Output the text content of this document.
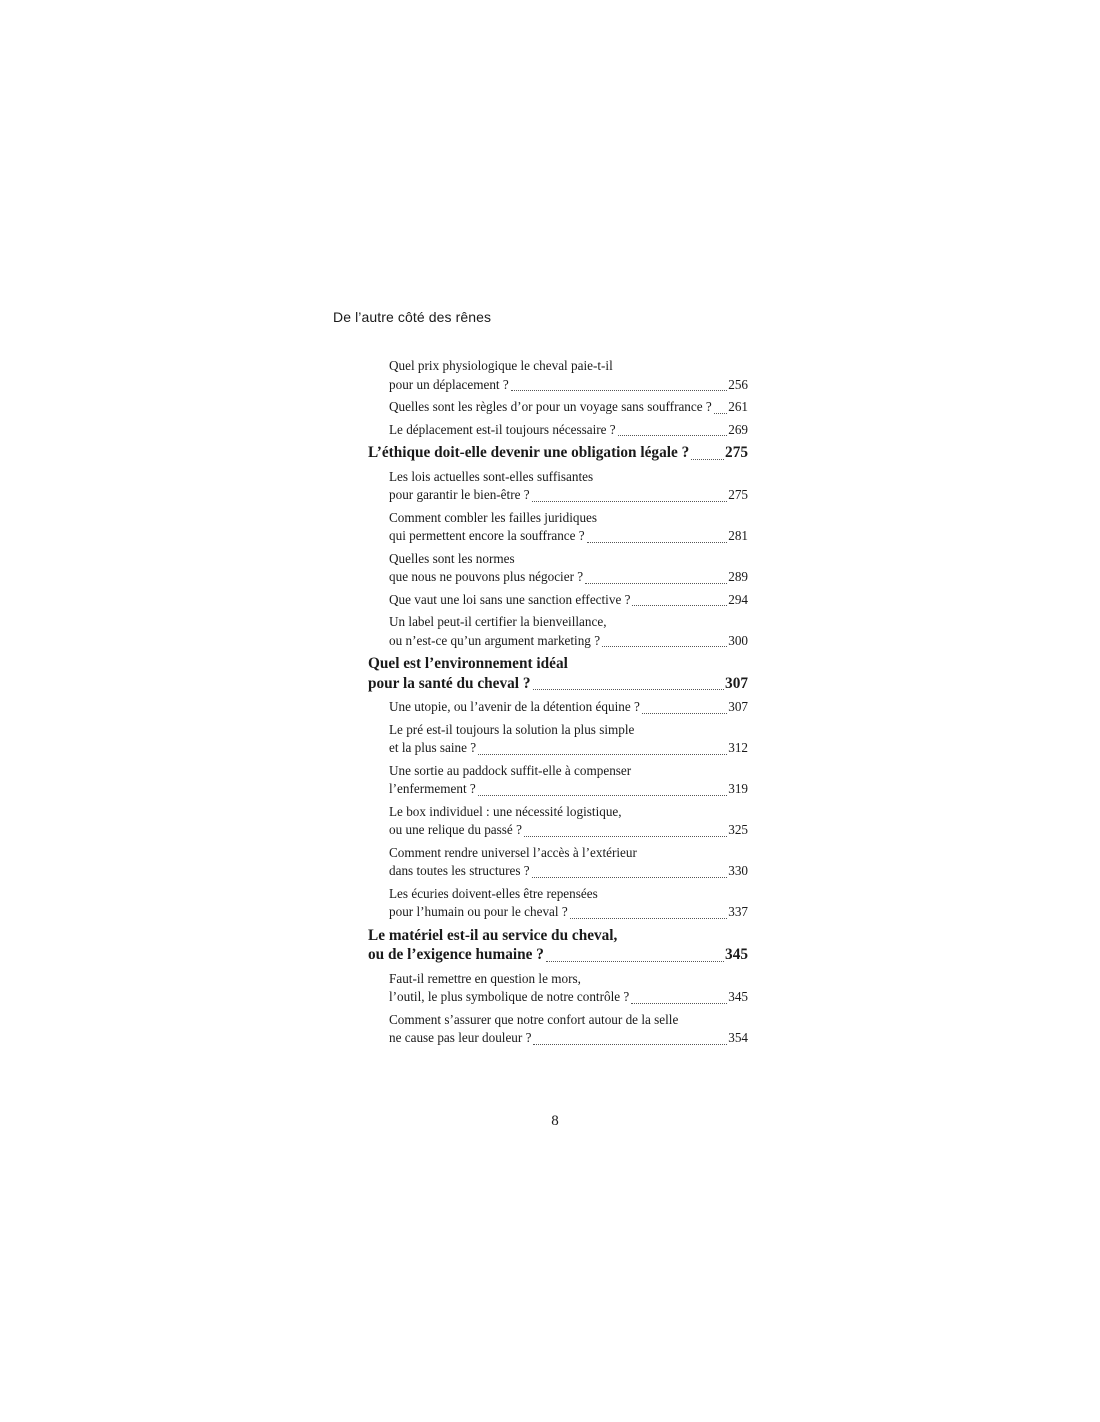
De l’autre côté des rênes
Quel prix physiologique le cheval paie-t-il
pour un déplacement ?	256
Quelles sont les règles d’or pour un voyage sans souffrance ? 261
Le déplacement est-il toujours nécessaire ?	269
L’éthique doit-elle devenir une obligation légale ? 275
Les lois actuelles sont-elles suffisantes
pour garantir le bien-être ?	275
Comment combler les failles juridiques
qui permettent encore la souffrance ?	281
Quelles sont les normes
que nous ne pouvons plus négocier ?	289
Que vaut une loi sans une sanction effective ?	294
Un label peut-il certifier la bienveillance,
ou n’est-ce qu’un argument marketing ?	300
Quel est l’environnement idéal
pour la santé du cheval ?	307
Une utopie, ou l’avenir de la détention équine ?	307
Le pré est-il toujours la solution la plus simple
et la plus saine ?	312
Une sortie au paddock suffit-elle à compenser
l’enfermement ?	319
Le box individuel : une nécessité logistique,
ou une relique du passé ?	325
Comment rendre universel l’accès à l’extérieur
dans toutes les structures ?	330
Les écuries doivent-elles être repensées
pour l’humain ou pour le cheval ?	337
Le matériel est-il au service du cheval,
ou de l’exigence humaine ?	345
Faut-il remettre en question le mors,
l’outil, le plus symbolique de notre contrôle ?	345
Comment s’assurer que notre confort autour de la selle
ne cause pas leur douleur ?	354
8
